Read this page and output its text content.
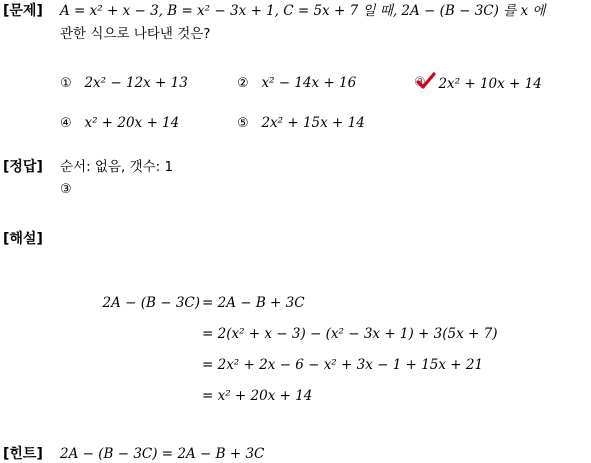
[문제] A = x² + x − 3, B = x² − 3x + 1, C = 5x + 7 일 때, 2A − (B − 3C) 를 x 에
관한 식으로 나타낸 것은?
① 2x² − 12x + 13	② x² − 14x + 16	③ 2x² + 10x + 14
④ x² + 20x + 14	⑤ 2x² + 15x + 14
[정답] 순서: 없음, 갯수: 1
③
[해설]
2A − (B − 3C) = 2A − B + 3C
= 2(x² + x − 3) − (x² − 3x + 1) + 3(5x + 7)
= 2x² + 2x − 6 − x² + 3x − 1 + 15x + 21
= x² + 20x + 14
[힌트] 2A − (B − 3C) = 2A − B + 3C
